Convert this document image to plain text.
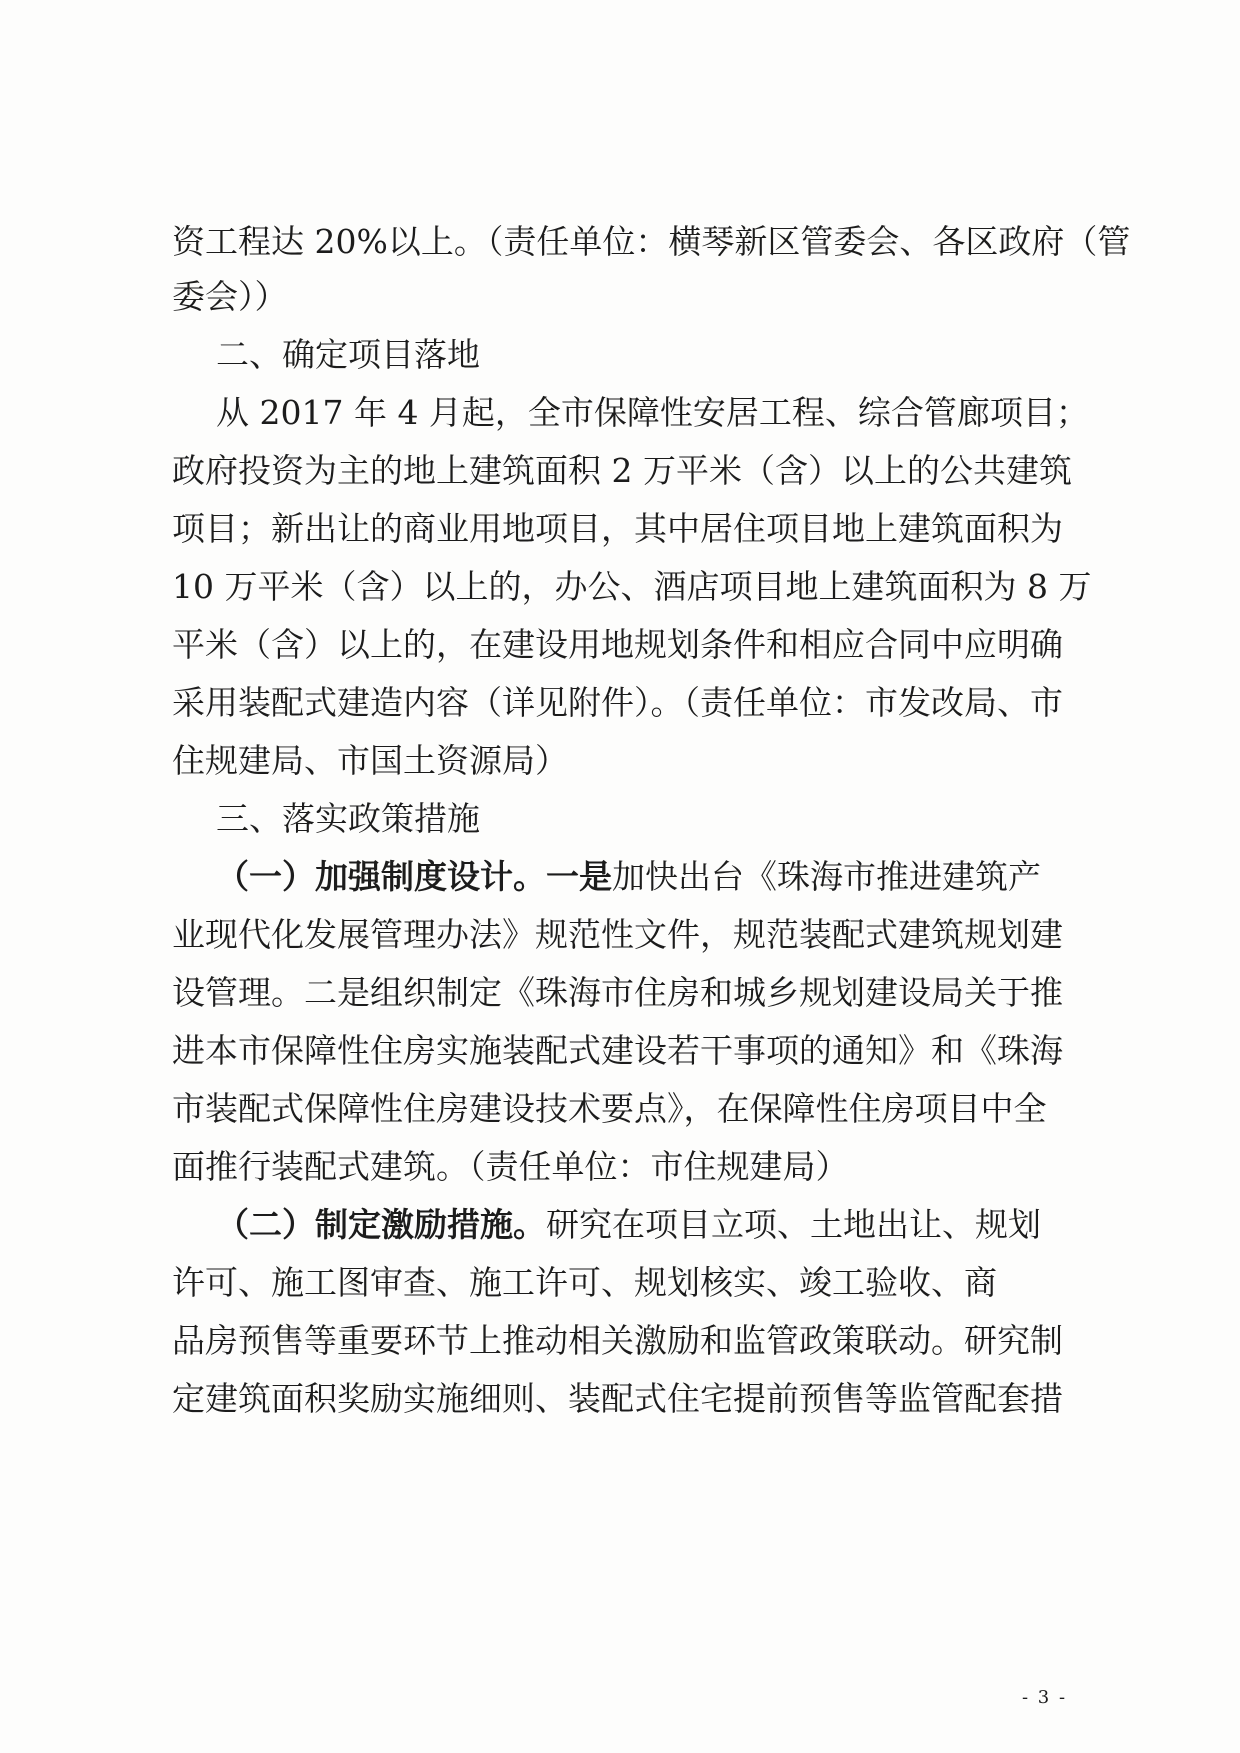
资工程达 20%以上。（责任单位：横琴新区管委会、各区政府（管
委会））
二、确定项目落地
从 2017 年 4 月起，全市保障性安居工程、综合管廊项目；
政府投资为主的地上建筑面积 2 万平米（含）以上的公共建筑
项目；新出让的商业用地项目，其中居住项目地上建筑面积为
10 万平米（含）以上的，办公、酒店项目地上建筑面积为 8 万
平米（含）以上的，在建设用地规划条件和相应合同中应明确
采用装配式建造内容（详见附件）。（责任单位：市发改局、市
住规建局、市国土资源局）
三、落实政策措施
（一）加强制度设计。一是加快出台《珠海市推进建筑产
业现代化发展管理办法》规范性文件，规范装配式建筑规划建
设管理。二是组织制定《珠海市住房和城乡规划建设局关于推
进本市保障性住房实施装配式建设若干事项的通知》和《珠海
市装配式保障性住房建设技术要点》，在保障性住房项目中全
面推行装配式建筑。（责任单位：市住规建局）
（二）制定激励措施。研究在项目立项、土地出让、规划
许可、施工图审查、施工许可、规划核实、竣工验收、商
品房预售等重要环节上推动相关激励和监管政策联动。研究制
定建筑面积奖励实施细则、装配式住宅提前预售等监管配套措
- 3 -
